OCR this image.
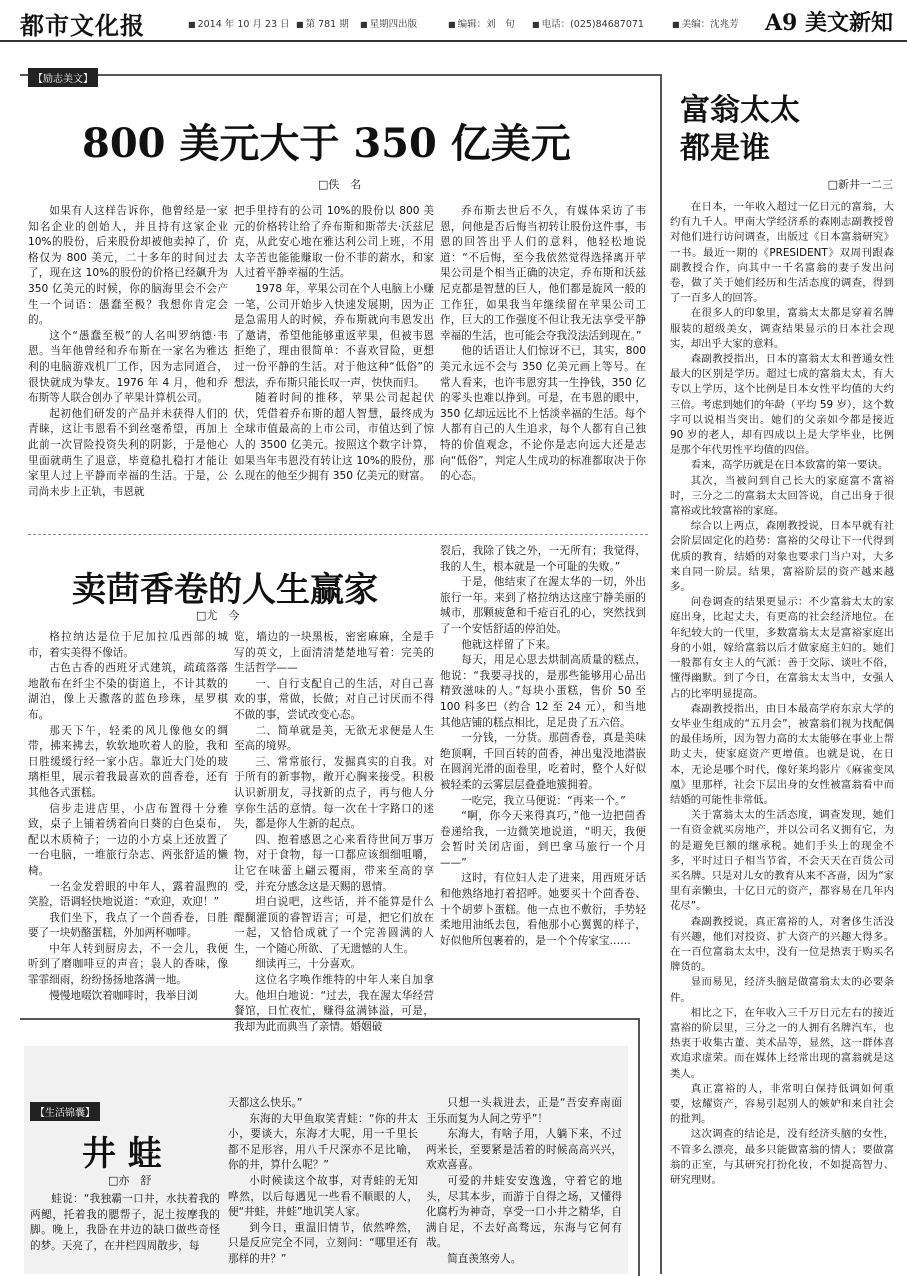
都市文化报	■ 2014 年 10 月 23 日	■ 第 781 期	■ 星期四出版	■ 编辑：刘　旬	■ 电话：(025)84687071	■ 美编：沈兆芳 A9 美文新知
【励志美文】
800 美元大于 350 亿美元
□佚　名

如果有人这样告诉你，他曾经是一家知名企业的创始人，并且持有这家企业 10%的股份，后来股份却被他卖掉了，价格仅为 800 美元，二十多年的时间过去了，现在这 10%的股份的价格已经飙升为 350 亿美元的时候，你的脑海里会不会产生一个词语：愚蠢至极？我想你肯定会的。

这个“愚蠢至极”的人名叫罗纳德·韦恩。当年他曾经和乔布斯在一家名为雅达利的电脑游戏机厂工作，因为志同道合，很快就成为挚友。1976 年 4 月，他和乔布斯等人联合创办了苹果计算机公司。

起初他们研发的产品并未获得人们的青睐，这让韦恩看不到丝毫希望，再加上此前一次冒险投资失利的阴影，于是他心里面就萌生了退意，毕竟稳扎稳打才能让家里人过上平静而幸福的生活。于是，公司尚未步上正轨，韦恩就

把手里持有的公司 10%的股份以 800 美元的价格转让给了乔布斯和斯蒂夫·沃兹尼克，从此安心地在雅达利公司上班，不用太辛苦也能能赚取一份不菲的薪水，和家人过着平静幸福的生活。

1978 年，苹果公司在个人电脑上小赚一笔，公司开始步入快速发展期，因为正是急需用人的时候，乔布斯就向韦恩发出了邀请，希望他能够重返苹果，但被韦恩拒绝了，理由很简单：不喜欢冒险，更想过一份平静的生活。对于他这种“低俗”的想法，乔布斯只能长叹一声，快快而归。

随着时间的推移，苹果公司起起伏伏，凭借着乔布斯的超人智慧，最终成为全球市值最高的上市公司，市值达到了惊人的 3500 亿美元。按照这个数字计算，如果当年韦恩没有转让这 10%的股份，那么现在的他至少拥有 350 亿美元的财富。

乔布斯去世后不久，有媒体采访了韦恩，问他是否后悔当初转让股份这件事，韦恩的回答出乎人们的意料，他轻松地说道：“不后悔，至今我依然觉得选择离开苹果公司是个相当正确的决定，乔布斯和沃兹尼克都是智慧的巨人，他们都是旋风一般的工作狂，如果我当年继续留在苹果公司工作，巨大的工作强度不但让我无法享受平静幸福的生活，也可能会夺我没法活到现在。”

他的话语让人们惊讶不已，其实，800 美元永远不会与 350 亿美元画上等号。在常人看来，也许韦恩穷其一生挣钱，350 亿的零头也难以挣到。可是，在韦恩的眼中，350 亿却远远比不上恬淡幸福的生活。每个人都有自己的人生追求，每个人都有自己独特的价值观念，不论你是志向远大还是志向“低俗”，判定人生成功的标准都取决于你的心态。

卖茴香卷的人生赢家
□尤　今

格拉纳达是位于尼加拉瓜西部的城市，着实美得不像话。

古色古香的西班牙式建筑，疏疏落落地散布在纤尘不染的街道上，不计其数的湖泊，像上天撒落的蓝色珍珠，星罗棋布。

那天下午，轻柔的风儿像他女的绸带，拂来拂去，软软地吹着人的脸，我和日胜缓缓行经一家小店。靠近大门处的玻璃柜里，展示着我最喜欢的茴香卷，还有其他各式蛋糕。

信步走进店里，小店布置得十分雅致，桌子上铺着绣着向日葵的白色桌布，配以木质椅子；一边的小方桌上还放置了一台电脑，一堆旅行杂志、两张舒适的懒椅。

一名金发碧眼的中年人，露着温煦的笑脸，语调轻快地说道：“欢迎，欢迎！”

我们坐下，我点了一个茴香卷，日胜要了一块奶酪蛋糕，外加两杯咖啡。

中年人转到厨房去，不一会儿，我便听到了磨咖啡豆的声音；袅人的香味，像霏霏细雨，纷纷扬扬地落满一地。

慢慢地啜饮着咖啡时，我举目浏

览，墙边的一块黑板，密密麻麻，全是手写的英文，上面清清楚楚地写着：完美的生活哲学——

一、自行支配自己的生活，对自己喜欢的事，常做，长做；对自己讨厌而不得不做的事，尝试改变心态。

二、简单就是美，无欲无求便是人生至高的境界。

三、常常旅行，发掘真实的自我。对于所有的新事物，敞开心胸来接受。积极认识新朋友，寻找新的点子，再与他人分享你生活的意情。每一次在十字路口的迷失，都是你人生新的起点。

四、抱着感恩之心来看待世间万事万物，对于食物，每一口都应该细细咀嚼，让它在味蕾上翩云覆雨，带来至高的享受，并充分感念这是天赐的恩情。

坦白说吧，这些话，并不能算是什么醍醐灌顶的睿智语言；可是，把它们放在一起，又恰恰成就了一个完善圆满的人生，一个随心所欲、了无遗憾的人生。

细读再三，十分喜欢。

这位名字唤作维特的中年人来自加拿大。他坦白地说：“过去，我在渥太华经营餐馆，日忙夜忙，赚得盆满钵溢，可是，我却为此而典当了亲情。婚姻破

裂后，我除了钱之外，一无所有；我觉得，我的人生，根本就是一个可耻的失败。”

于是，他结束了在渥太华的一切，外出旅行一年。来到了格拉纳达这座宁静美丽的城市，那颗疲惫和千疮百孔的心，突然找到了一个安恬舒适的停泊处。

他就这样留了下来。

每天，用足心思去烘制高质量的糕点，他说：“我要寻找的，是那些能够用心品出精致滋味的人。”每块小蛋糕，售价 50 至 100 科多巴（约合 12 至 24 元），和当地其他店铺的糕点相比，足足贵了五六倍。

一分钱，一分货。那茴香卷，真是美味绝顶啊，千回百转的茴香，神出鬼没地潜嵌在圆润光滑的面卷里，吃着时，整个人好似被轻柔的云雾层层叠叠地簇拥着。

一吃完，我立马便说：“再来一个。”

“啊，你今天来得真巧，”他一边把茴香卷递给我，一边微笑地说道，“明天，我便会暂时关闭店面，到巴拿马旅行一个月——”

这时，有位妇人走了进来，用西班牙话和他熟络地打着招呼。她要买十个茴香卷、十个胡萝卜蛋糕。他一点也不敷衍，手势轻柔地用油纸去包，看他那小心翼翼的样子，好似他所包裹着的，是一个个传家宝……

富翁太太
都是谁
□新井一二三

在日本，一年收入超过一亿日元的富翁，大约有九千人。甲南大学经济系的森刚志副教授曾对他们进行访问调查，出版过《日本富翁研究》一书。最近一期的《PRESIDENT》双周刊跟森副教授合作，向其中一千名富翁的妻子发出问卷，做了关于她们经历和生活态度的调查，得到了一百多人的回答。

在很多人的印象里，富翁太太都是穿着名牌服装的超级美女，调查结果显示的日本社会现实，却出乎大家的意料。

森副教授指出，日本的富翁太太和普通女性最大的区别是学历。超过七成的富翁太太，有大专以上学历，这个比例是日本女性平均值的大约三倍。考虑到她们的年龄（平均 59 岁），这个数字可以说相当突出。她们的父亲如今都是接近 90 岁的老人，却有四成以上是大学毕业，比例是那个年代男性平均值的四倍。

看来，高学历就是在日本致富的第一要诀。

其次，当被问到自己长大的家庭富不富裕时，三分之二的富翁太太回答说，自己出身于很富裕或比较富裕的家庭。

综合以上两点，森刚教授说，日本早就有社会阶层固定化的趋势：富裕的父母让下一代得到优质的教育，结婚的对象也要求门当户对，大多来自同一阶层。结果，富裕阶层的资产越来越多。

问卷调查的结果更显示：不少富翁太太的家庭出身，比起丈夫，有更高的社会经济地位。在年纪较大的一代里，多数富翁太太是富裕家庭出身的小姐，嫁给富翁以后才做家庭主妇的。她们一般都有女主人的气派：善于交际、谈吐不俗，懂得幽默。到了今日，在富翁太太当中，女强人占的比率明显提高。

森副教授指出，由日本最高学府东京大学的女毕业生组成的“五月会”，被富翁们视为找配偶的最佳场所，因为智力高的太太能够在事业上帮助丈夫，使家庭资产更增值。也就是说，在日本，无论是哪个时代，像好莱坞影片《麻雀变凤凰》里那样，社会下层出身的女性被富翁看中而结婚的可能性非常低。

关于富翁太太的生活态度，调查发现，她们一有资金就买房地产，并以公司名义拥有它，为的是避免巨额的继承税。她们手头上的现金不多，平时过日子相当节省，不会天天在百货公司买名牌。只是对儿女的教育从来不吝啬，因为“家里有亲懒虫，十亿日元的资产，都容易在几年内花尽”。

森副教授说，真正富裕的人，对奢侈生活没有兴趣，他们对投资、扩大资产的兴趣大得多。在一百位富翁太太中，没有一位是热衷于购买名牌货的。

显而易见，经济头脑是做富翁太太的必要条件。

相比之下，在年收入三千万日元左右的接近富裕的阶层里，三分之一的人拥有名牌汽车，也热衷于收集古董、美术品等，显然，这一群体喜欢追求虚荣。而在媒体上经常出现的富翁就是这类人。

真正富裕的人，非常明白保持低调如何重要，炫耀资产，容易引起别人的嫉妒和来自社会的批判。

这次调查的结论是，没有经济头脑的女性，不管多么漂亮，最多只能做富翁的情人；要做富翁的正室，与其研究打扮化妆，不如提高智力、研究理财。

【生活锦囊】
井 蛙
□亦　舒

蛙说：“我独霸一口井，水扶着我的两鳃，托着我的腮帮子，泥土按摩我的脚。晚上，我卧在井边的缺口做些奇怪的梦。天亮了，在井栏四周散步，每

天都这么快乐。”

东海的大甲鱼取笑青蛙：“你的井太小，要谈大，东海才大呢，用一千里长都不足形容，用八千尺深亦不足比喻，你的井，算什么呢？”

小时候读这个故事，对青蛙的无知哗然，以后每遇见一些看不顺眼的人，便“井蛙，井蛙”地讥笑人家。

到今日，重温旧情节，依然哗然，只是反应完全不同，立刻问：“哪里还有那样的井？”

只想一头栽进去，正是“吾安弃南面王乐而复为人间之劳乎”！

东海大，有啥子用，人躺下来，不过两米长，至要紧是活着的时候高高兴兴，欢欢喜喜。

可爱的井蛙安安逸逸，守着它的地头，尽其本步，而游于自得之场，又懂得化腐朽为神奇，享受一口小井之精华，自满自足，不去好高骛远，东海与它何有哉。

简直羡煞旁人。
